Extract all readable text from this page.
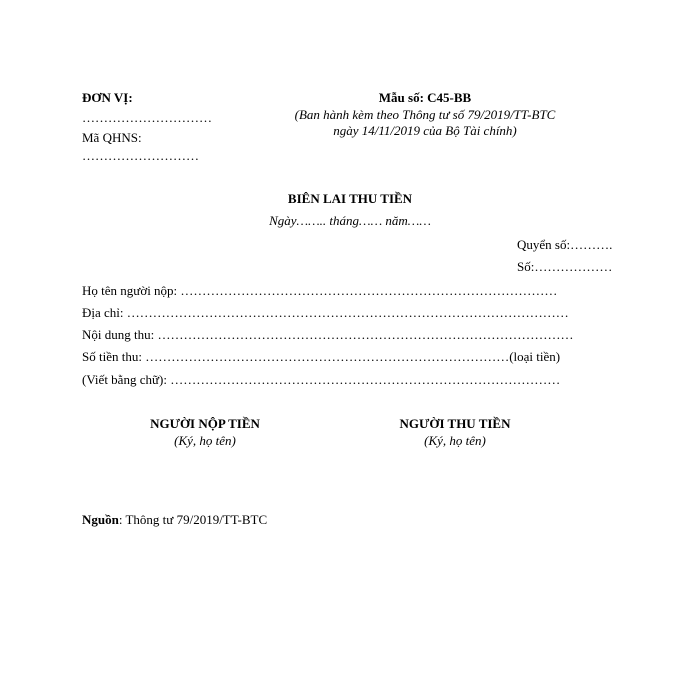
ĐƠN VỊ:
…………………………
Mã QHNS:
………………………
Mẫu số: C45-BB
(Ban hành kèm theo Thông tư số 79/2019/TT-BTC
ngày 14/11/2019 của Bộ Tài chính)
BIÊN LAI THU TIỀN
Ngày…….. tháng…… năm……
Quyển số:……….
Số:………………
Họ tên người nộp: ……………………………………………………………………………
Địa chỉ: …………………………………………………………………………………………
Nội dung thu: ……………………………………………………………………………………
Số tiền thu: …………………………………………………………………………(loại tiền)
(Viết bằng chữ): ………………………………………………………………………………
NGƯỜI NỘP TIỀN
(Ký, họ tên)
NGƯỜI THU TIỀN
(Ký, họ tên)
Nguồn: Thông tư 79/2019/TT-BTC
